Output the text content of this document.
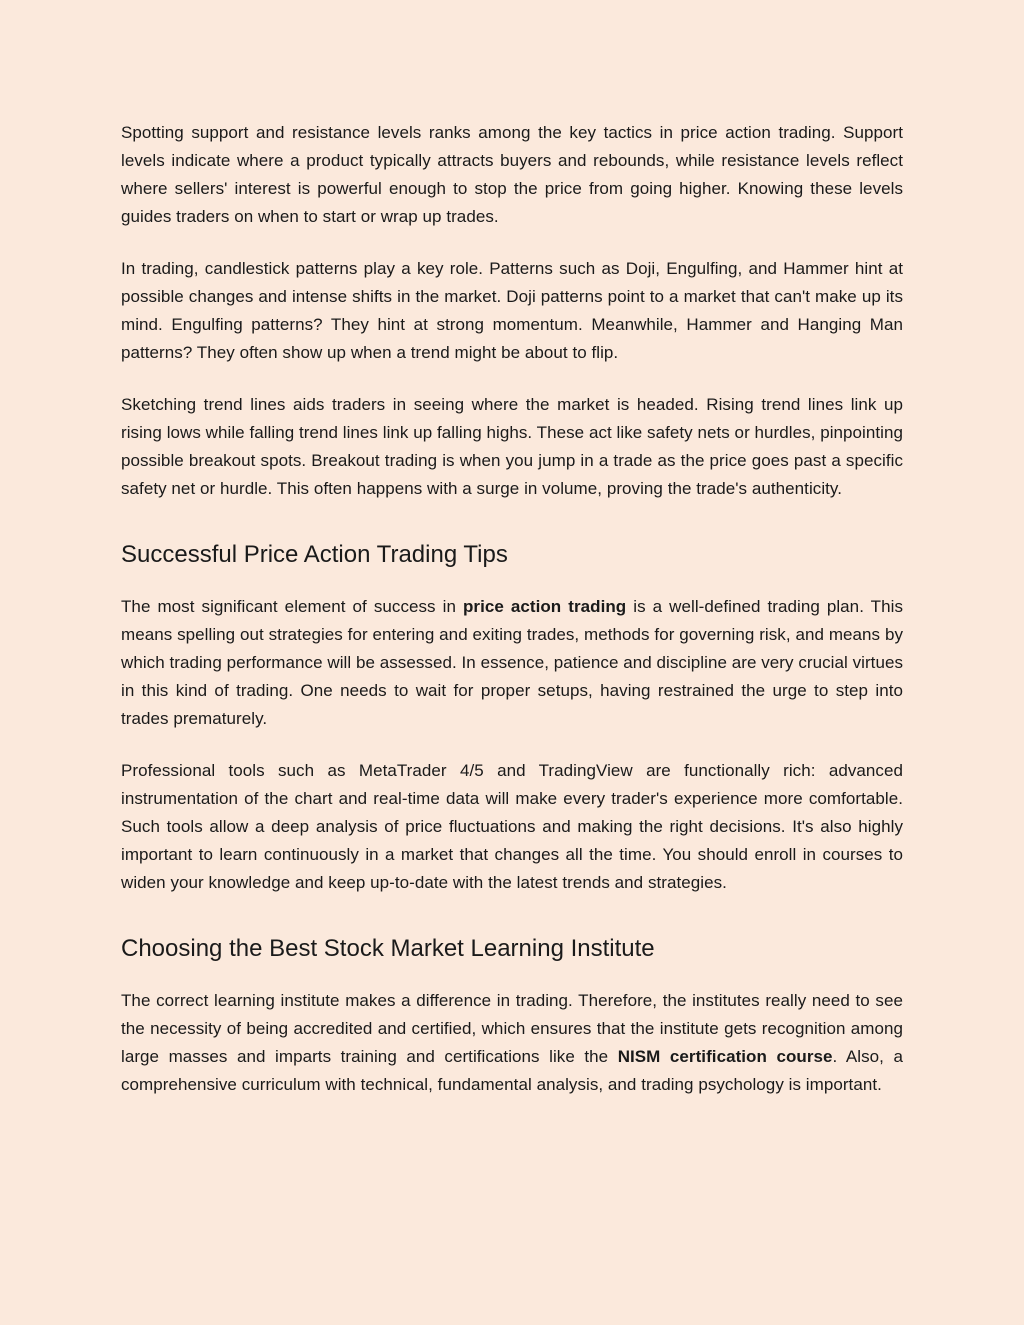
Spotting support and resistance levels ranks among the key tactics in price action trading. Support levels indicate where a product typically attracts buyers and rebounds, while resistance levels reflect where sellers' interest is powerful enough to stop the price from going higher. Knowing these levels guides traders on when to start or wrap up trades.

In trading, candlestick patterns play a key role. Patterns such as Doji, Engulfing, and Hammer hint at possible changes and intense shifts in the market. Doji patterns point to a market that can't make up its mind. Engulfing patterns? They hint at strong momentum. Meanwhile, Hammer and Hanging Man patterns? They often show up when a trend might be about to flip.

Sketching trend lines aids traders in seeing where the market is headed. Rising trend lines link up rising lows while falling trend lines link up falling highs. These act like safety nets or hurdles, pinpointing possible breakout spots. Breakout trading is when you jump in a trade as the price goes past a specific safety net or hurdle. This often happens with a surge in volume, proving the trade's authenticity.

Successful Price Action Trading Tips

The most significant element of success in price action trading is a well-defined trading plan. This means spelling out strategies for entering and exiting trades, methods for governing risk, and means by which trading performance will be assessed. In essence, patience and discipline are very crucial virtues in this kind of trading. One needs to wait for proper setups, having restrained the urge to step into trades prematurely.

Professional tools such as MetaTrader 4/5 and TradingView are functionally rich: advanced instrumentation of the chart and real-time data will make every trader's experience more comfortable. Such tools allow a deep analysis of price fluctuations and making the right decisions. It's also highly important to learn continuously in a market that changes all the time. You should enroll in courses to widen your knowledge and keep up-to-date with the latest trends and strategies.

Choosing the Best Stock Market Learning Institute

The correct learning institute makes a difference in trading. Therefore, the institutes really need to see the necessity of being accredited and certified, which ensures that the institute gets recognition among large masses and imparts training and certifications like the NISM certification course. Also, a comprehensive curriculum with technical, fundamental analysis, and trading psychology is important.
